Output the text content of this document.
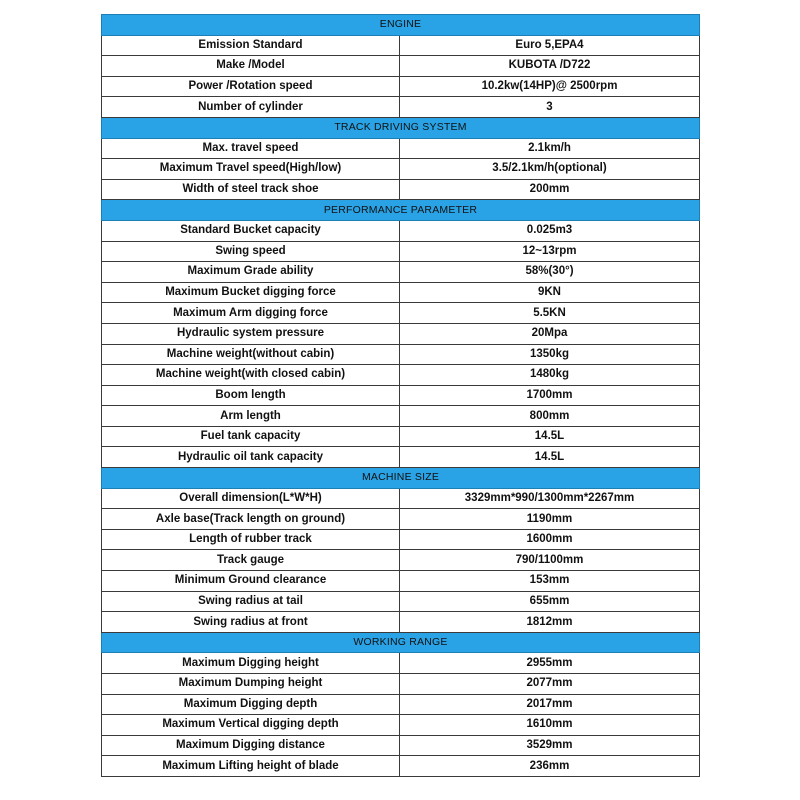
ENGINE	
Emission Standard	Euro 5,EPA4
Make /Model	KUBOTA /D722
Power /Rotation speed	10.2kw(14HP)@ 2500rpm
Number of cylinder	3
TRACK DRIVING SYSTEM	
Max. travel speed	2.1km/h
Maximum Travel speed(High/low)	3.5/2.1km/h(optional)
Width of steel track shoe	200mm
PERFORMANCE PARAMETER	
Standard Bucket capacity	0.025m3
Swing speed	12~13rpm
Maximum Grade ability	58%(30°)
Maximum Bucket digging force	9KN
Maximum Arm digging force	5.5KN
Hydraulic system pressure	20Mpa
Machine weight(without cabin)	1350kg
Machine weight(with closed cabin)	1480kg
Boom length	1700mm
Arm length	800mm
Fuel tank capacity	14.5L
Hydraulic oil tank capacity	14.5L
MACHINE SIZE	
Overall dimension(L*W*H)	3329mm*990/1300mm*2267mm
Axle base(Track length on ground)	1190mm
Length of rubber track	1600mm
Track gauge	790/1100mm
Minimum Ground clearance	153mm
Swing radius at tail	655mm
Swing radius at front	1812mm
WORKING RANGE	
Maximum Digging height	2955mm
Maximum Dumping height	2077mm
Maximum Digging depth	2017mm
Maximum Vertical digging depth	1610mm
Maximum Digging distance	3529mm
Maximum Lifting height of blade	236mm
